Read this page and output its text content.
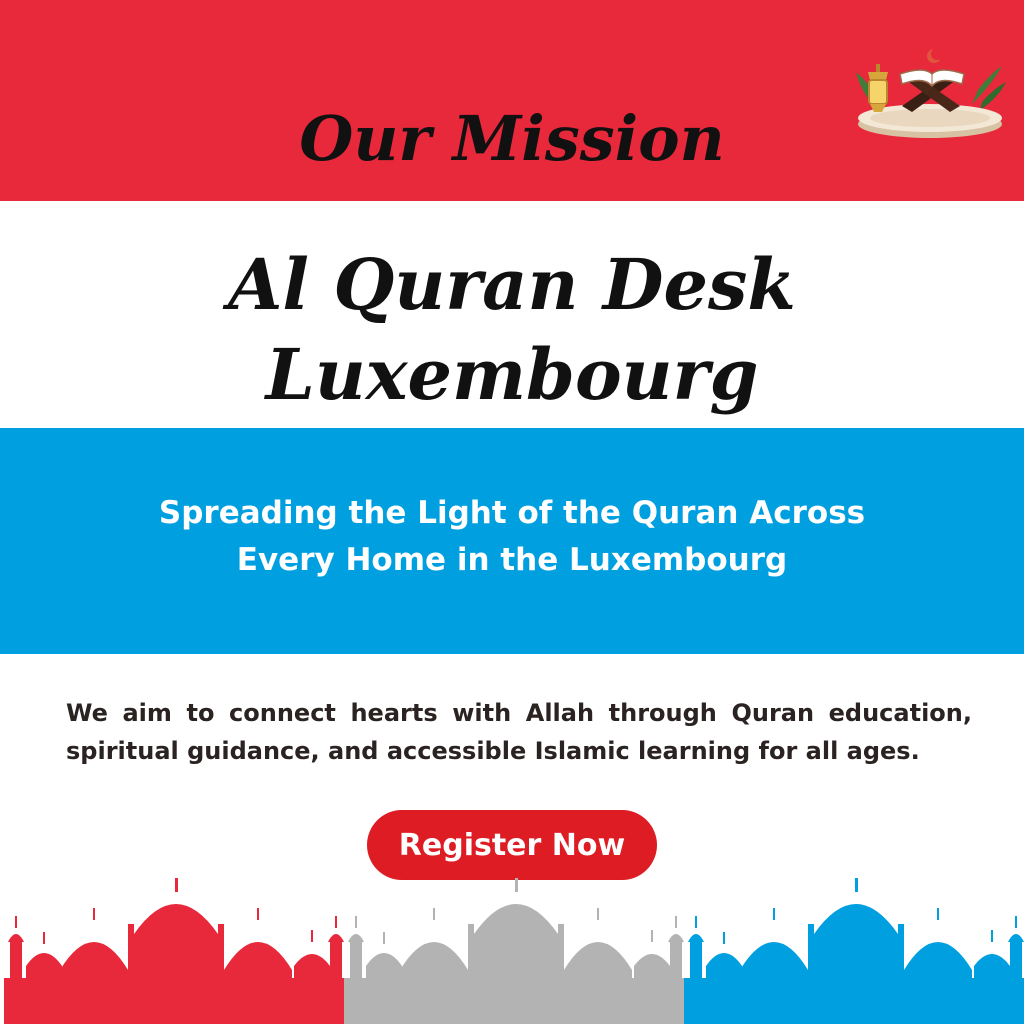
Our Mission
Al Quran Desk
Luxembourg
Spreading the Light of the Quran Across
Every Home in the Luxembourg
We aim to connect hearts with Allah through Quran education, spiritual guidance, and accessible Islamic learning for all ages.
Register Now
